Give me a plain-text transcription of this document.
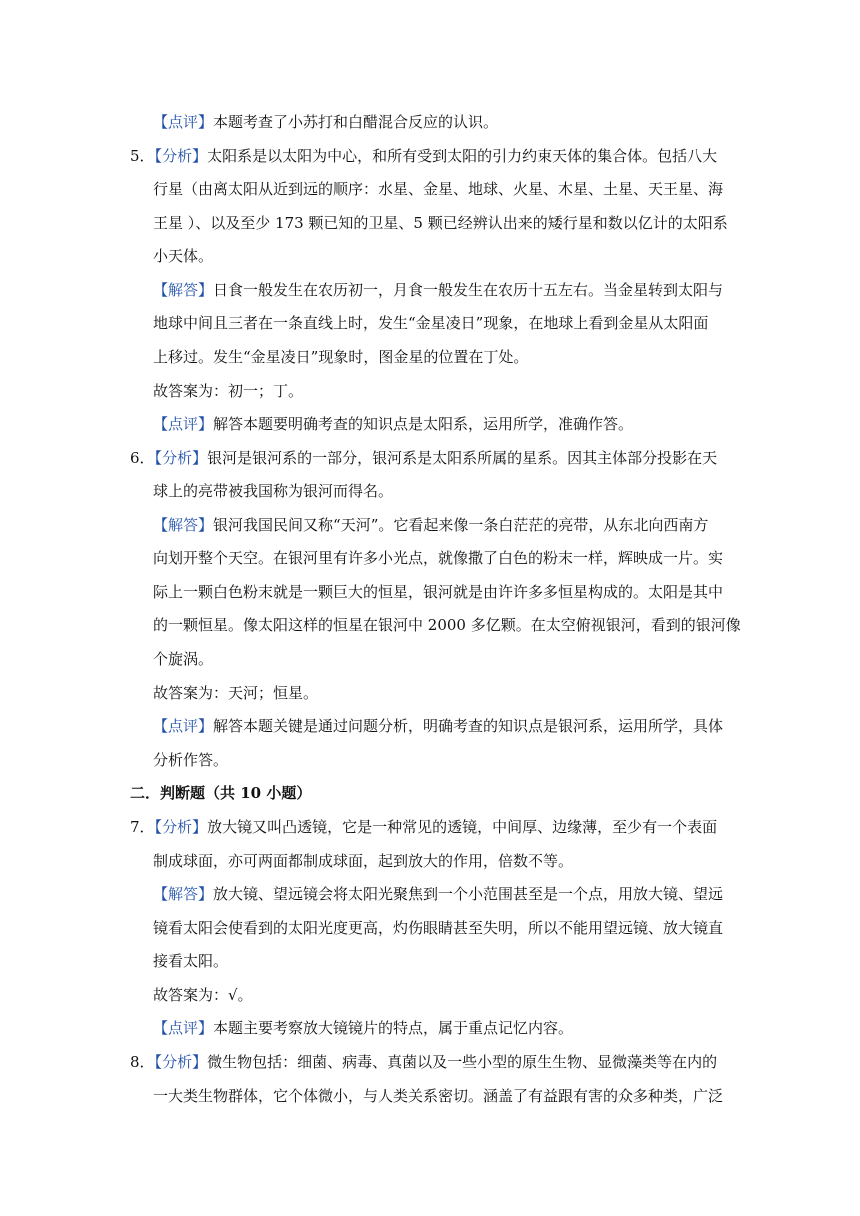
【点评】本题考查了小苏打和白醋混合反应的认识。
5．【分析】太阳系是以太阳为中心，和所有受到太阳的引力约束天体的集合体。包括八大
行星（由离太阳从近到远的顺序：水星、金星、地球、火星、木星、土星、天王星、海
王星 ）、以及至少 173 颗已知的卫星、5 颗已经辨认出来的矮行星和数以亿计的太阳系
小天体。
【解答】日食一般发生在农历初一，月食一般发生在农历十五左右。当金星转到太阳与
地球中间且三者在一条直线上时，发生“金星凌日”现象，在地球上看到金星从太阳面
上移过。发生“金星凌日”现象时，图金星的位置在丁处。
故答案为：初一；丁。
【点评】解答本题要明确考查的知识点是太阳系，运用所学，准确作答。
6．【分析】银河是银河系的一部分，银河系是太阳系所属的星系。因其主体部分投影在天
球上的亮带被我国称为银河而得名。
【解答】银河我国民间又称“天河”。它看起来像一条白茫茫的亮带，从东北向西南方
向划开整个天空。在银河里有许多小光点，就像撒了白色的粉末一样，辉映成一片。实
际上一颗白色粉末就是一颗巨大的恒星，银河就是由许许多多恒星构成的。太阳是其中
的一颗恒星。像太阳这样的恒星在银河中 2000 多亿颗。在太空俯视银河，看到的银河像
个旋涡。
故答案为：天河；恒星。
【点评】解答本题关键是通过问题分析，明确考查的知识点是银河系，运用所学，具体
分析作答。
二．判断题（共 10 小题）
7．【分析】放大镜又叫凸透镜，它是一种常见的透镜，中间厚、边缘薄，至少有一个表面
制成球面，亦可两面都制成球面，起到放大的作用，倍数不等。
【解答】放大镜、望远镜会将太阳光聚焦到一个小范围甚至是一个点，用放大镜、望远
镜看太阳会使看到的太阳光度更高，灼伤眼睛甚至失明，所以不能用望远镜、放大镜直
接看太阳。
故答案为：√。
【点评】本题主要考察放大镜镜片的特点，属于重点记忆内容。
8．【分析】微生物包括：细菌、病毒、真菌以及一些小型的原生生物、显微藻类等在内的
一大类生物群体，它个体微小，与人类关系密切。涵盖了有益跟有害的众多种类，广泛
